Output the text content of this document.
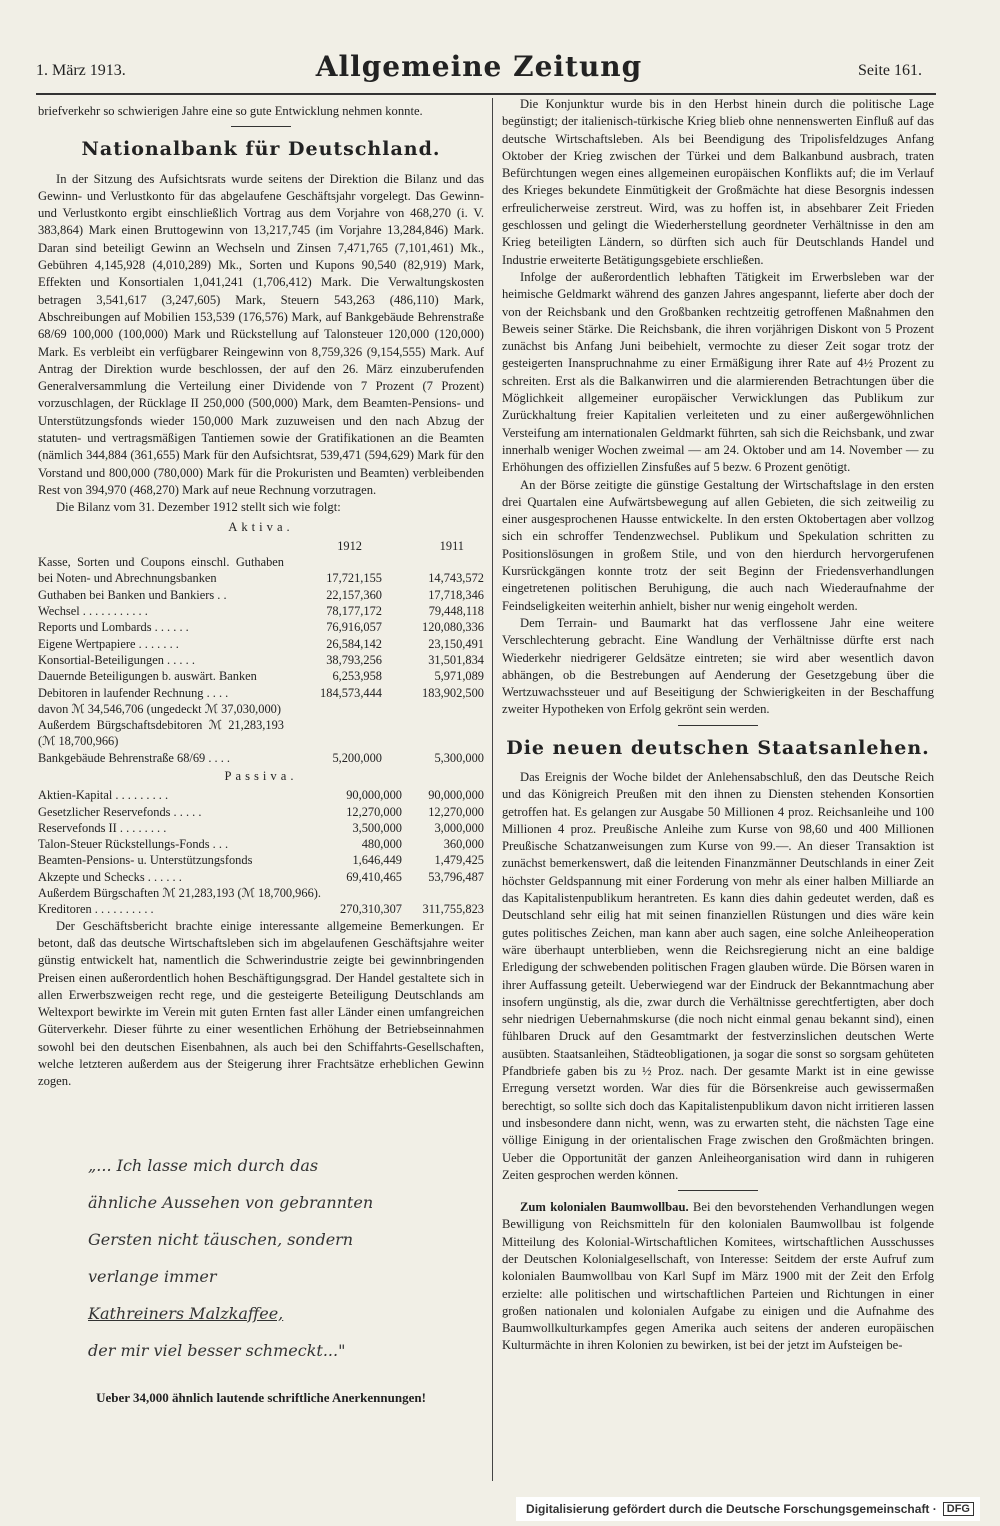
1. März 1913.	Allgemeine Zeitung	Seite 161.

briefverkehr so schwierigen Jahre eine so gute Entwicklung nehmen konnte.

Nationalbank für Deutschland.

In der Sitzung des Aufsichtsrats wurde seitens der Direktion die Bilanz und das Gewinn- und Verlustkonto für das abgelaufene Geschäftsjahr vorgelegt. Das Gewinn- und Verlustkonto ergibt einschließlich Vortrag aus dem Vorjahre von 468,270 (i. V. 383,864) Mark einen Bruttogewinn von 13,217,745 (im Vorjahre 13,284,846) Mark. Daran sind beteiligt Gewinn an Wechseln und Zinsen 7,471,765 (7,101,461) Mk., Gebühren 4,145,928 (4,010,289) Mk., Sorten und Kupons 90,540 (82,919) Mark, Effekten und Konsortialen 1,041,241 (1,706,412) Mark. Die Verwaltungskosten betragen 3,541,617 (3,247,605) Mark, Steuern 543,263 (486,110) Mark, Abschreibungen auf Mobilien 153,539 (176,576) Mark, auf Bankgebäude Behrenstraße 68/69 100,000 (100,000) Mark und Rückstellung auf Talonsteuer 120,000 (120,000) Mark. Es verbleibt ein verfügbarer Reingewinn von 8,759,326 (9,154,555) Mark. Auf Antrag der Direktion wurde beschlossen, der auf den 26. März einzuberufenden Generalversammlung die Verteilung einer Dividende von 7 Prozent (7 Prozent) vorzuschlagen, der Rücklage II 250,000 (500,000) Mark, dem Beamten-Pensions- und Unterstützungsfonds wieder 150,000 Mark zuzuweisen und den nach Abzug der statuten- und vertragsmäßigen Tantiemen sowie der Gratifikationen an die Beamten (nämlich 344,884 (361,655) Mark für den Aufsichtsrat, 539,471 (594,629) Mark für den Vorstand und 800,000 (780,000) Mark für die Prokuristen und Beamten) verbleibenden Rest von 394,970 (468,270) Mark auf neue Rechnung vorzutragen.

Die Bilanz vom 31. Dezember 1912 stellt sich wie folgt:

Aktiva.
	1912	1911
Kasse, Sorten und Coupons einschl. Guthaben bei Noten- und Abrechnungsbanken	17,721,155	14,743,572
Guthaben bei Banken und Bankiers . .	22,157,360	17,718,346
Wechsel . . . . . . . . . . .	78,177,172	79,448,118
Reports und Lombards . . . . . .	76,916,057	120,080,336
Eigene Wertpapiere . . . . . . .	26,584,142	23,150,491
Konsortial-Beteiligungen . . . . .	38,793,256	31,501,834
Dauernde Beteiligungen b. auswärt. Banken	6,253,958	5,971,089
Debitoren in laufender Rechnung . . . .	184,573,444	183,902,500
davon ℳ 34,546,706 (ungedeckt ℳ 37,030,000)		
Außerdem Bürgschaftsdebitoren ℳ 21,283,193 (ℳ 18,700,966)		
Bankgebäude Behrenstraße 68/69 . . . .	5,200,000	5,300,000
Passiva.
Aktien-Kapital . . . . . . . . .	90,000,000	90,000,000
Gesetzlicher Reservefonds . . . . .	12,270,000	12,270,000
Reservefonds II . . . . . . . .	3,500,000	3,000,000
Talon-Steuer Rückstellungs-Fonds . . .	480,000	360,000
Beamten-Pensions- u. Unterstützungsfonds	1,646,449	1,479,425
Akzepte und Schecks . . . . . .	69,410,465	53,796,487
Außerdem Bürgschaften ℳ 21,283,193 (ℳ 18,700,966).		
Kreditoren . . . . . . . . . .	270,310,307	311,755,823

Der Geschäftsbericht brachte einige interessante allgemeine Bemerkungen. Er betont, daß das deutsche Wirtschaftsleben sich im abgelaufenen Geschäftsjahre weiter günstig entwickelt hat, namentlich die Schwerindustrie zeigte bei gewinnbringenden Preisen einen außerordentlich hohen Beschäftigungsgrad. Der Handel gestaltete sich in allen Erwerbszweigen recht rege, und die gesteigerte Beteiligung Deutschlands am Weltexport bewirkte im Verein mit guten Ernten fast aller Länder einen umfangreichen Güterverkehr. Dieser führte zu einer wesentlichen Erhöhung der Betriebseinnahmen sowohl bei den deutschen Eisenbahnen, als auch bei den Schiffahrts-Gesellschaften, welche letzteren außerdem aus der Steigerung ihrer Frachtsätze erheblichen Gewinn zogen.

„... Ich lasse mich durch das
ähnliche Aussehen von gebrannten
Gersten nicht täuschen, sondern
verlange immer
Kathreiners Malzkaffee,
der mir viel besser schmeckt..."
Ueber 34,000 ähnlich lautende schriftliche Anerkennungen!

Die Konjunktur wurde bis in den Herbst hinein durch die politische Lage begünstigt; der italienisch-türkische Krieg blieb ohne nennenswerten Einfluß auf das deutsche Wirtschaftsleben. Als bei Beendigung des Tripolisfeldzuges Anfang Oktober der Krieg zwischen der Türkei und dem Balkanbund ausbrach, traten Befürchtungen wegen eines allgemeinen europäischen Konflikts auf; die im Verlauf des Krieges bekundete Einmütigkeit der Großmächte hat diese Besorgnis indessen erfreulicherweise zerstreut. Wird, was zu hoffen ist, in absehbarer Zeit Frieden geschlossen und gelingt die Wiederherstellung geordneter Verhältnisse in den am Krieg beteiligten Ländern, so dürften sich auch für Deutschlands Handel und Industrie erweiterte Betätigungsgebiete erschließen.

Infolge der außerordentlich lebhaften Tätigkeit im Erwerbsleben war der heimische Geldmarkt während des ganzen Jahres angespannt, lieferte aber doch der von der Reichsbank und den Großbanken rechtzeitig getroffenen Maßnahmen den Beweis seiner Stärke. Die Reichsbank, die ihren vorjährigen Diskont von 5 Prozent zunächst bis Anfang Juni beibehielt, vermochte zu dieser Zeit sogar trotz der gesteigerten Inanspruchnahme zu einer Ermäßigung ihrer Rate auf 4½ Prozent zu schreiten. Erst als die Balkanwirren und die alarmierenden Betrachtungen über die Möglichkeit allgemeiner europäischer Verwicklungen das Publikum zur Zurückhaltung freier Kapitalien verleiteten und zu einer außergewöhnlichen Versteifung am internationalen Geldmarkt führten, sah sich die Reichsbank, und zwar innerhalb weniger Wochen zweimal — am 24. Oktober und am 14. November — zu Erhöhungen des offiziellen Zinsfußes auf 5 bezw. 6 Prozent genötigt.

An der Börse zeitigte die günstige Gestaltung der Wirtschaftslage in den ersten drei Quartalen eine Aufwärtsbewegung auf allen Gebieten, die sich zeitweilig zu einer ausgesprochenen Hausse entwickelte. In den ersten Oktobertagen aber vollzog sich ein schroffer Tendenzwechsel. Publikum und Spekulation schritten zu Positionslösungen in großem Stile, und von den hierdurch hervorgerufenen Kursrückgängen konnte trotz der seit Beginn der Friedensverhandlungen eingetretenen politischen Beruhigung, die auch nach Wiederaufnahme der Feindseligkeiten weiterhin anhielt, bisher nur wenig eingeholt werden.

Dem Terrain- und Baumarkt hat das verflossene Jahr eine weitere Verschlechterung gebracht. Eine Wandlung der Verhältnisse dürfte erst nach Wiederkehr niedrigerer Geldsätze eintreten; sie wird aber wesentlich davon abhängen, ob die Bestrebungen auf Aenderung der Gesetzgebung über die Wertzuwachssteuer und auf Beseitigung der Schwierigkeiten in der Beschaffung zweiter Hypotheken von Erfolg gekrönt sein werden.

Die neuen deutschen Staatsanlehen.

Das Ereignis der Woche bildet der Anlehensabschluß, den das Deutsche Reich und das Königreich Preußen mit den ihnen zu Diensten stehenden Konsortien getroffen hat. Es gelangen zur Ausgabe 50 Millionen 4 proz. Reichsanleihe und 100 Millionen 4 proz. Preußische Anleihe zum Kurse von 98,60 und 400 Millionen Preußische Schatzanweisungen zum Kurse von 99.—. An dieser Transaktion ist zunächst bemerkenswert, daß die leitenden Finanzmänner Deutschlands in einer Zeit höchster Geldspannung mit einer Forderung von mehr als einer halben Milliarde an das Kapitalistenpublikum herantreten. Es kann dies dahin gedeutet werden, daß es Deutschland sehr eilig hat mit seinen finanziellen Rüstungen und dies wäre kein gutes politisches Zeichen, man kann aber auch sagen, eine solche Anleiheoperation wäre überhaupt unterblieben, wenn die Reichsregierung nicht an eine baldige Erledigung der schwebenden politischen Fragen glauben würde. Die Börsen waren in ihrer Auffassung geteilt. Ueberwiegend war der Eindruck der Bekanntmachung aber insofern ungünstig, als die, zwar durch die Verhältnisse gerechtfertigten, aber doch sehr niedrigen Uebernahmskurse (die noch nicht einmal genau bekannt sind), einen fühlbaren Druck auf den Gesamtmarkt der festverzinslichen deutschen Werte ausübten. Staatsanleihen, Städteobligationen, ja sogar die sonst so sorgsam gehüteten Pfandbriefe gaben bis zu ½ Proz. nach. Der gesamte Markt ist in eine gewisse Erregung versetzt worden. War dies für die Börsenkreise auch gewissermaßen berechtigt, so sollte sich doch das Kapitalistenpublikum davon nicht irritieren lassen und insbesondere dann nicht, wenn, was zu erwarten steht, die nächsten Tage eine völlige Einigung in der orientalischen Frage zwischen den Großmächten bringen. Ueber die Opportunität der ganzen Anleiheorganisation wird dann in ruhigeren Zeiten gesprochen werden können.

Zum kolonialen Baumwollbau. Bei den bevorstehenden Verhandlungen wegen Bewilligung von Reichsmitteln für den kolonialen Baumwollbau ist folgende Mitteilung des Kolonial-Wirtschaftlichen Komitees, wirtschaftlichen Ausschusses der Deutschen Kolonialgesellschaft, von Interesse: Seitdem der erste Aufruf zum kolonialen Baumwollbau von Karl Supf im März 1900 mit der Zeit den Erfolg erzielte: alle politischen und wirtschaftlichen Parteien und Richtungen in einer großen nationalen und kolonialen Aufgabe zu einigen und die Aufnahme des Baumwollkulturkampfes gegen Amerika auch seitens der anderen europäischen Kulturmächte in ihren Kolonien zu bewirken, ist bei der jetzt im Aufsteigen be-

Digitalisierung gefördert durch die Deutsche Forschungsgemeinschaft · DFG
